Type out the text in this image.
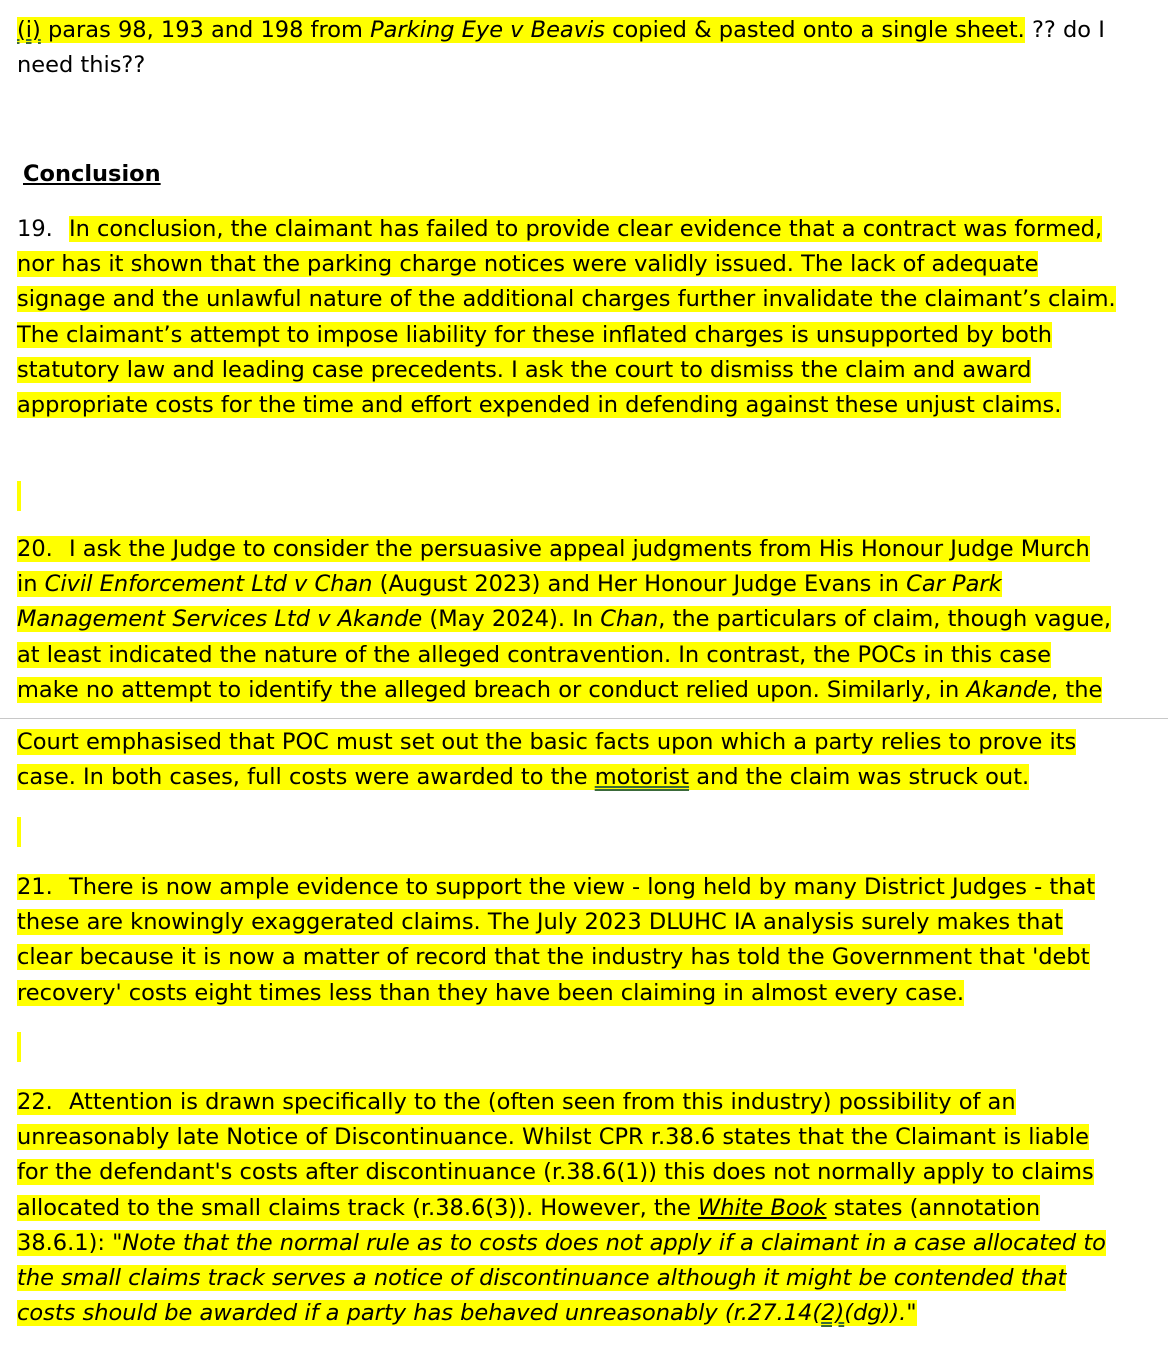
(i) paras 98, 193 and 198 from Parking Eye v Beavis copied & pasted onto a single sheet. ?? do I need this??

Conclusion

19. In conclusion, the claimant has failed to provide clear evidence that a contract was formed, nor has it shown that the parking charge notices were validly issued. The lack of adequate signage and the unlawful nature of the additional charges further invalidate the claimant’s claim. The claimant’s attempt to impose liability for these inflated charges is unsupported by both statutory law and leading case precedents. I ask the court to dismiss the claim and award appropriate costs for the time and effort expended in defending against these unjust claims.

20. I ask the Judge to consider the persuasive appeal judgments from His Honour Judge Murch in Civil Enforcement Ltd v Chan (August 2023) and Her Honour Judge Evans in Car Park Management Services Ltd v Akande (May 2024). In Chan, the particulars of claim, though vague, at least indicated the nature of the alleged contravention. In contrast, the POCs in this case make no attempt to identify the alleged breach or conduct relied upon. Similarly, in Akande, the

Court emphasised that POC must set out the basic facts upon which a party relies to prove its case. In both cases, full costs were awarded to the motorist and the claim was struck out.

21. There is now ample evidence to support the view - long held by many District Judges - that these are knowingly exaggerated claims. The July 2023 DLUHC IA analysis surely makes that clear because it is now a matter of record that the industry has told the Government that 'debt recovery' costs eight times less than they have been claiming in almost every case.

22. Attention is drawn specifically to the (often seen from this industry) possibility of an unreasonably late Notice of Discontinuance. Whilst CPR r.38.6 states that the Claimant is liable for the defendant's costs after discontinuance (r.38.6(1)) this does not normally apply to claims allocated to the small claims track (r.38.6(3)). However, the White Book states (annotation 38.6.1): "Note that the normal rule as to costs does not apply if a claimant in a case allocated to the small claims track serves a notice of discontinuance although it might be contended that costs should be awarded if a party has behaved unreasonably (r.27.14(2)(dg))."
